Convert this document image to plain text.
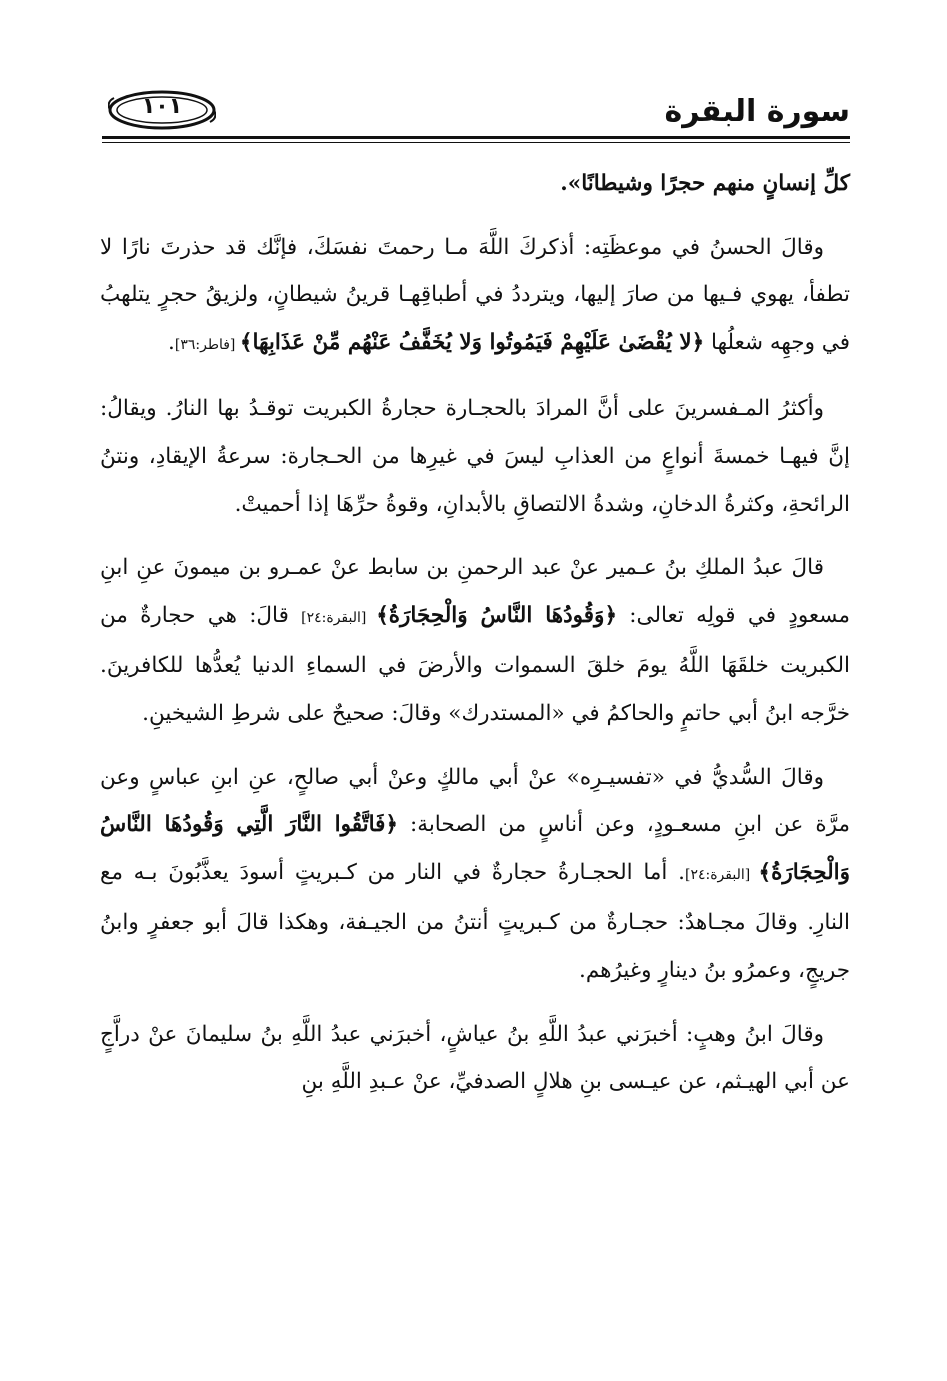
سورة البقرة
١٠١

كلِّ إنسانٍ منهم حجرًا وشيطانًا».

وقالَ الحسنُ في موعظَتِه: أذكركَ اللَّهَ مـا رحمتَ نفسَكَ، فإنَّك قد حذرتَ نارًا لا تطفأ، يهوي فـيها من صارَ إليها، ويترددُ في أطباقِهـا قرينُ شيطانٍ، ولزيقُ حجرٍ يتلهبُ في وجهِه شعلُها ﴿لا يُقْضَىٰ عَلَيْهِمْ فَيَمُوتُوا وَلا يُخَفَّفُ عَنْهُم مِّنْ عَذَابِهَا﴾ [فاطر:٣٦].

وأكثرُ المـفسرينَ على أنَّ المرادَ بالحجـارة حجارةُ الكبريت توقـدُ بها النارُ. ويقالُ: إنَّ فيهـا خمسةَ أنواعٍ من العذابِ ليسَ في غيرِها من الحـجارة: سرعةُ الإيقادِ، ونتنُ الرائحةِ، وكثرةُ الدخانِ، وشدةُ الالتصاقِ بالأبدانِ، وقوةُ حرِّهَا إذا أحميتْ.

قالَ عبدُ الملكِ بنُ عـمير عنْ عبد الرحمنِ بن سابط عنْ عمـرو بن ميمونَ عنِ ابنِ مسعودٍ في قولِه تعالى: ﴿وَقُودُهَا النَّاسُ وَالْحِجَارَةُ﴾ [البقرة:٢٤] قالَ: هي حجارةٌ من الكبريت خلقَهَا اللَّهُ يومَ خلقَ السموات والأرضَ في السماءِ الدنيا يُعدُّها للكافرينَ. خرَّجه ابنُ أبي حاتمٍ والحاكمُ في «المستدرك» وقالَ: صحيحٌ على شرطِ الشيخينِ.

وقالَ السُّديُّ في «تفسيـرِه» عنْ أبي مالكٍ وعنْ أبي صالحٍ، عنِ ابنِ عباسٍ وعن مرَّة عن ابنِ مسعـودٍ، وعن أناسٍ من الصحابة: ﴿فَاتَّقُوا النَّارَ الَّتِي وَقُودُهَا النَّاسُ وَالْحِجَارَةُ﴾ [البقرة:٢٤]. أما الحجـارةُ حجارةٌ في النار من كـبريتٍ أسودَ يعذَّبُونَ بـه مع النارِ. وقالَ مجـاهدٌ: حجـارةٌ من كـبريتٍ أنتنُ من الجيـفة، وهكذا قالَ أبو جعفرٍ وابنُ جريجٍ، وعمرُو بنُ دينارٍ وغيرُهم.

وقالَ ابنُ وهبٍ: أخبرَني عبدُ اللَّهِ بنُ عياشٍ، أخبرَني عبدُ اللَّهِ بنُ سليمانَ عنْ دراَّجٍ عن أبي الهيـثم، عن عيـسى بنِ هلالٍ الصدفيِّ، عنْ عـبدِ اللَّهِ بنِ
